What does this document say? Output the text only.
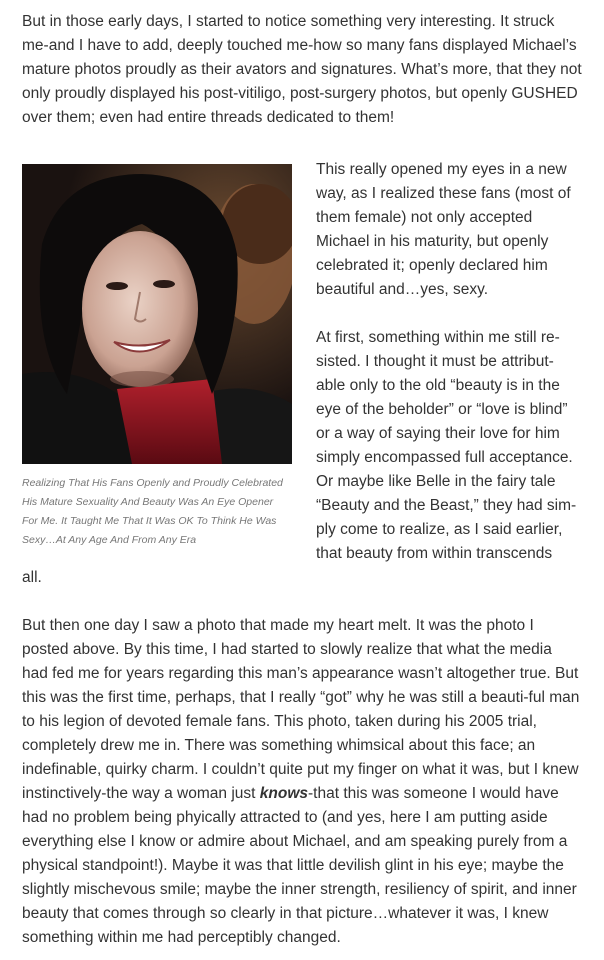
But in those early days, I started to notice something very interesting. It struck me-and I have to add, deeply touched me-how so many fans displayed Michael’s mature photos proudly as their avators and signatures. What’s more, that they not only proudly displayed his post-vitiligo, post-surgery photos, but openly GUSHED over them; even had entire threads dedicated to them!

Realizing That His Fans Openly and Proudly Celebrated His Mature Sexuality And Beauty Was An Eye Opener For Me. It Taught Me That It Was OK To Think He Was Sexy…At Any Age And From Any Era

This really opened my eyes in a new way, as I realized these fans (most of them female) not only accepted Michael in his maturity, but openly celebrated it; openly declared him beautiful and…yes, sexy.

At first, something within me still re-sisted. I thought it must be attribut-able only to the old “beauty is in the eye of the beholder” or “love is blind” or a way of saying their love for him simply encompassed full acceptance. Or maybe like Belle in the fairy tale “Beauty and the Beast,” they had sim-ply come to realize, as I said earlier, that beauty from within transcends

all.

But then one day I saw a photo that made my heart melt. It was the photo I posted above. By this time, I had started to slowly realize that what the media had fed me for years regarding this man’s appearance wasn’t altogether true. But this was the first time, perhaps, that I really “got” why he was still a beauti-ful man to his legion of devoted female fans. This photo, taken during his 2005 trial, completely drew me in. There was something whimsical about this face; an indefinable, quirky charm. I couldn’t quite put my finger on what it was, but I knew instinctively-the way a woman just knows-that this was someone I would have had no problem being phyically attracted to (and yes, here I am putting aside everything else I know or admire about Michael, and am speaking purely from a physical standpoint!). Maybe it was that little devilish glint in his eye; maybe the slightly mischevous smile; maybe the inner strength, resiliency of spirit, and inner beauty that comes through so clearly in that picture…whatever it was, I knew something within me had perceptibly changed.
